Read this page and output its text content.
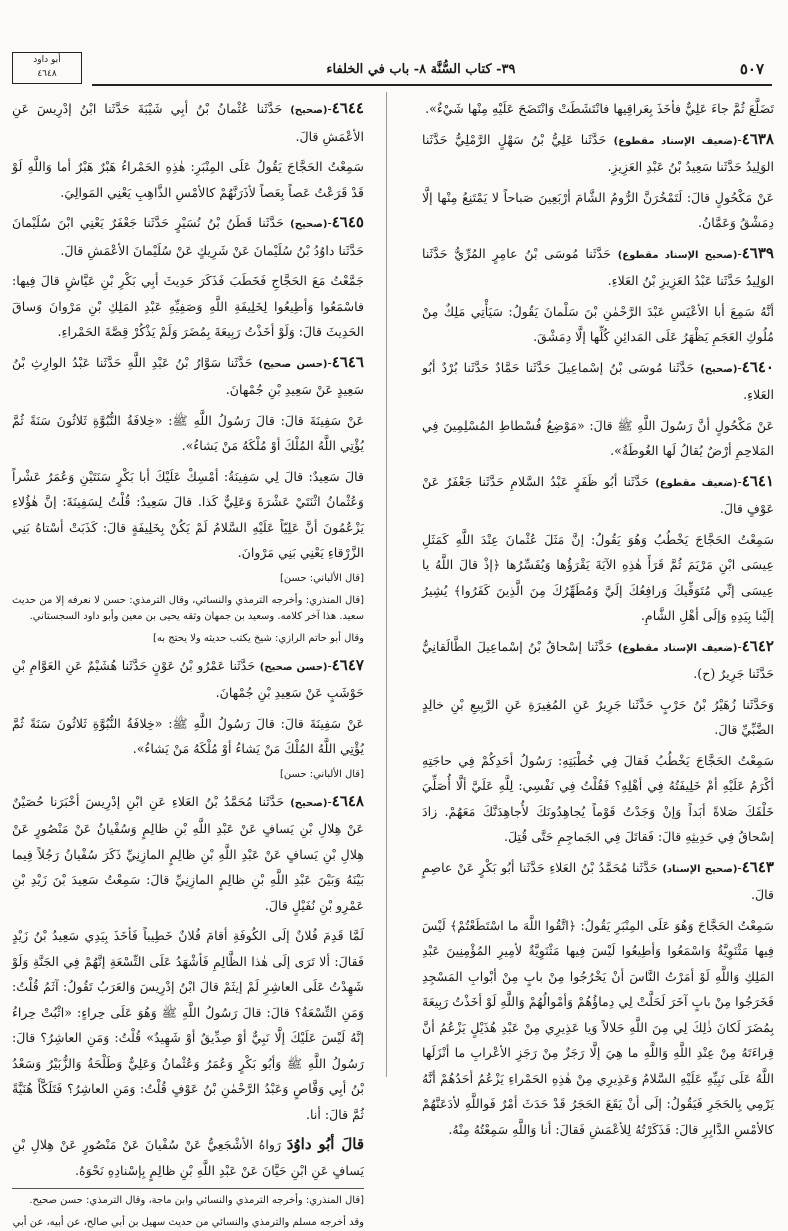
٥٠٧
٣٩- كتاب السُّنَّة ٨- باب في الخلفاء
أبو داود
٤٦٤٨

تَضَلَّعَ ثُمَّ جاءَ عَلِيٌّ فأخَذَ بِعَراقِيها فانْتَشَطَتْ وَانْتَضَحَ عَلَيْهِ مِنْها شَيْءٌ».

٤٦٣٨-(ضعيف الإسناد مقطوع) حَدَّثَنا عَلِيُّ بْنُ سَهْلٍ الرَّمْلِيُّ حَدَّثَنا الوَلِيدُ حَدَّثَنا سَعِيدُ بْنُ عَبْدِ العَزِيزِ.

عَنْ مَكْحُولٍ قالَ: لَتَمْخُرَنَّ الرُّومُ الشَّامَ أرْبَعِينَ صَباحاً لا يَمْتَنِعُ مِنْها إلَّا دِمَشْقُ وَعَمَّانُ.

٤٦٣٩-(صحيح الإسناد مقطوع) حَدَّثَنا مُوسَى بْنُ عامِرٍ المُرِّيُّ حَدَّثَنا الوَلِيدُ حَدَّثَنا عَبْدُ العَزِيزِ بْنُ العَلاءِ.

أنَّهُ سَمِعَ أبا الأعْيَسِ عَبْدَ الرَّحْمٰنِ بْنَ سَلْمانَ يَقُولُ: سَيَأْتِي مَلِكٌ مِنْ مُلُوكِ العَجَمِ يَظْهَرُ عَلَى المَدائِنِ كُلِّها إلَّا دِمَشْقَ.

٤٦٤٠-(صحيح) حَدَّثَنا مُوسَى بْنُ إسْماعِيلَ حَدَّثَنا حَمَّادٌ حَدَّثَنا بُرْدٌ أبُو العَلاءِ.

عَنْ مَكْحُولٍ أنَّ رَسُولَ اللَّهِ ﷺ قالَ: «مَوْضِعُ فُسْطاطِ المُسْلِمِينَ فِي المَلاحِمِ أرْضٌ يُقالُ لَها الغُوطَةُ».

٤٦٤١-(ضعيف مقطوع) حَدَّثَنا أبُو ظَفَرٍ عَبْدُ السَّلامِ حَدَّثَنا جَعْفَرٌ عَنْ عَوْفٍ قالَ.

سَمِعْتُ الحَجَّاجَ يَخْطُبُ وَهُوَ يَقُولُ: إنَّ مَثَلَ عُثْمانَ عِنْدَ اللَّهِ كَمَثَلِ عِيسَى ابْنِ مَرْيَمَ ثُمَّ قَرَأَ هٰذِهِ الآيَةَ يَقْرَؤُها وَيُفَسِّرُها ﴿إذْ قالَ اللَّهُ يا عِيسَى إنِّي مُتَوَفِّيكَ وَرافِعُكَ إلَيَّ وَمُطَهِّرُكَ مِنَ الَّذِينَ كَفَرُوا﴾ يُشِيرُ إلَيْنا بِيَدِهِ وَإلَى أهْلِ الشَّامِ.

٤٦٤٢-(ضعيف الإسناد مقطوع) حَدَّثَنا إسْحاقُ بْنُ إسْماعِيلَ الطَّالَقانِيُّ حَدَّثَنا جَرِيرٌ (ح).

وَحَدَّثَنا زُهَيْرُ بْنُ حَرْبٍ حَدَّثَنا جَرِيرٌ عَنِ المُغِيرَةِ عَنِ الرَّبِيعِ بْنِ خالِدٍ الضَّبِّيِّ قالَ.

سَمِعْتُ الحَجَّاجَ يَخْطُبُ فَقالَ فِي خُطْبَتِهِ: رَسُولُ أحَدِكُمْ فِي حاجَتِهِ أكْرَمُ عَلَيْهِ أمْ خَلِيفَتُهُ فِي أهْلِهِ؟ فَقُلْتُ فِي نَفْسِي: لِلَّهِ عَلَيَّ ألَّا أُصَلِّيَ خَلْفَكَ صَلاةً أبَداً وَإنْ وَجَدْتُ قَوْماً يُجاهِدُونَكَ لأُجاهِدَنَّكَ مَعَهُمْ. زادَ إسْحاقُ فِي حَدِيثِهِ قالَ: فَقاتَلَ فِي الجَماجِمِ حَتَّى قُتِلَ.

٤٦٤٣-(صحيح الإسناد) حَدَّثَنا مُحَمَّدُ بْنُ العَلاءِ حَدَّثَنا أبُو بَكْرٍ عَنْ عاصِمٍ قالَ.

سَمِعْتُ الحَجَّاجَ وَهُوَ عَلَى المِنْبَرِ يَقُولُ: ﴿اتَّقُوا اللَّهَ ما اسْتَطَعْتُمْ﴾ لَيْسَ فِيها مَثْنَوِيَّةٌ وَاسْمَعُوا وَأطِيعُوا لَيْسَ فِيها مَثْنَوِيَّةٌ لأمِيرِ المُؤْمِنِينَ عَبْدِ المَلِكِ وَاللَّهِ لَوْ أمَرْتُ النَّاسَ أنْ يَخْرُجُوا مِنْ بابٍ مِنْ أبْوابِ المَسْجِدِ فَخَرَجُوا مِنْ بابٍ آخَرَ لَحَلَّتْ لِي دِماؤُهُمْ وَأمْوالُهُمْ وَاللَّهِ لَوْ أخَذْتُ رَبِيعَةَ بِمُضَرَ لَكانَ ذٰلِكَ لِي مِنَ اللَّهِ حَلالاً وَيا عَذِيرِي مِنْ عَبْدِ هُذَيْلٍ يَزْعُمُ أنَّ قِراءَتَهُ مِنْ عِنْدِ اللَّهِ وَاللَّهِ ما هِيَ إلَّا رَجَزٌ مِنْ رَجَزِ الأعْرابِ ما أنْزَلَها اللَّهُ عَلَى نَبِيِّهِ عَلَيْهِ السَّلامُ وَعَذِيرِي مِنْ هٰذِهِ الحَمْراءِ يَزْعُمُ أحَدُهُمْ أنَّهُ يَرْمِي بِالحَجَرِ فَيَقُولُ: إلَى أنْ يَقَعَ الحَجَرُ قَدْ حَدَثَ أمْرٌ فَواللَّهِ لأدَعَنَّهُمْ كالأمْسِ الدَّابِرِ قالَ: فَذَكَرْتُهُ لِلأعْمَشِ فَقالَ: أنا وَاللَّهِ سَمِعْتُهُ مِنْهُ.

٤٦٤٤-(صحيح) حَدَّثَنا عُثْمانُ بْنُ أبِي شَيْبَةَ حَدَّثَنا ابْنُ إدْرِيسَ عَنِ الأعْمَشِ قالَ.

سَمِعْتُ الحَجَّاجَ يَقُولُ عَلَى المِنْبَرِ: هٰذِهِ الحَمْراءُ هَبْرٌ هَبْرٌ أما وَاللَّهِ لَوْ قَدْ قَرَعْتُ عَصاً بِعَصاً لأذَرَنَّهُمْ كالأمْسِ الذَّاهِبِ يَعْنِي المَوالِيَ.

٤٦٤٥-(صحيح) حَدَّثَنا قَطَنُ بْنُ نُسَيْرٍ حَدَّثَنا جَعْفَرٌ يَعْنِي ابْنَ سُلَيْمانَ حَدَّثَنا داوُدُ بْنُ سُلَيْمانَ عَنْ شَرِيكٍ عَنْ سُلَيْمانَ الأعْمَشِ قالَ.

جَمَّعْتُ مَعَ الحَجَّاجِ فَخَطَبَ فَذَكَرَ حَدِيثَ أبِي بَكْرِ بْنِ عَيَّاشٍ قالَ فِيها: فاسْمَعُوا وَأطِيعُوا لِخَلِيفَةِ اللَّهِ وَصَفِيِّهِ عَبْدِ المَلِكِ بْنِ مَرْوانَ وَساقَ الحَدِيثَ قالَ: وَلَوْ أخَذْتُ رَبِيعَةَ بِمُضَرَ وَلَمْ يَذْكُرْ قِصَّةَ الحَمْراءِ.

٤٦٤٦-(حسن صحيح) حَدَّثَنا سَوَّارُ بْنُ عَبْدِ اللَّهِ حَدَّثَنا عَبْدُ الوارِثِ بْنُ سَعِيدٍ عَنْ سَعِيدِ بْنِ جُمْهانَ.

عَنْ سَفِينَةَ قالَ: قالَ رَسُولُ اللَّهِ ﷺ: «خِلافَةُ النُّبُوَّةِ ثَلاثُونَ سَنَةً ثُمَّ يُؤْتِي اللَّهُ المُلْكَ أوْ مُلْكَهُ مَنْ يَشاءُ».

قالَ سَعِيدٌ: قالَ لِي سَفِينَةُ: أمْسِكْ عَلَيْكَ أبا بَكْرٍ سَنَتَيْنِ وَعُمَرُ عَشْراً وَعُثْمانُ اثْنَتَيْ عَشْرَةَ وَعَلِيٌّ كَذا. قالَ سَعِيدٌ: قُلْتُ لِسَفِينَةَ: إنَّ هٰؤُلاءِ يَزْعُمُونَ أنَّ عَلِيّاً عَلَيْهِ السَّلامُ لَمْ يَكُنْ بِخَلِيفَةٍ قالَ: كَذَبَتْ أسْتاهُ بَنِي الزَّرْقاءِ يَعْنِي بَنِي مَرْوانَ.

[قال الألباني: حسن]

[قال المنذري: وأخرجه الترمذي والنسائي، وقال الترمذي: حسن لا نعرفه إلا من حديث سعيد. هذا آخر كلامه. وسعيد بن جمهان وثقه يحيى بن معين وأبو داود السجستاني.

وقال أبو حاتم الرازي: شيخ يكتب حديثه ولا يحتج به]

٤٦٤٧-(حسن صحيح) حَدَّثَنا عَمْرُو بْنُ عَوْنٍ حَدَّثَنا هُشَيْمٌ عَنِ العَوَّامِ بْنِ حَوْشَبٍ عَنْ سَعِيدِ بْنِ جُمْهانَ.

عَنْ سَفِينَةَ قالَ: قالَ رَسُولُ اللَّهِ ﷺ: «خِلافَةُ النُّبُوَّةِ ثَلاثُونَ سَنَةً ثُمَّ يُؤْتِي اللَّهُ المُلْكَ مَنْ يَشاءُ أوْ مُلْكَهُ مَنْ يَشاءُ».

[قال الألباني: حسن]

٤٦٤٨-(صحيح) حَدَّثَنا مُحَمَّدُ بْنُ العَلاءِ عَنِ ابْنِ إدْرِيسَ أخْبَرَنا حُصَيْنٌ عَنْ هِلالِ بْنِ يَسافٍ عَنْ عَبْدِ اللَّهِ بْنِ ظالِمٍ وَسُفْيانُ عَنْ مَنْصُورٍ عَنْ هِلالِ بْنِ يَسافٍ عَنْ عَبْدِ اللَّهِ بْنِ ظالِمٍ المازِنِيِّ ذَكَرَ سُفْيانُ رَجُلاً فِيما بَيْنَهُ وَبَيْنَ عَبْدِ اللَّهِ بْنِ ظالِمٍ المازِنِيِّ قالَ: سَمِعْتُ سَعِيدَ بْنَ زَيْدِ بْنِ عَمْرِو بْنِ نُفَيْلٍ قالَ.

لَمَّا قَدِمَ فُلانٌ إلَى الكُوفَةِ أقامَ فُلانٌ خَطِيباً فَأخَذَ بِيَدِي سَعِيدُ بْنُ زَيْدٍ فَقالَ: ألا تَرَى إلَى هٰذا الظَّالِمِ فَأشْهَدُ عَلَى التِّسْعَةِ إنَّهُمْ فِي الجَنَّةِ وَلَوْ شَهِدْتُ عَلَى العاشِرِ لَمْ إيثَمْ قالَ ابْنُ إدْرِيسَ وَالعَرَبُ تَقُولُ: آثَمُ قُلْتُ: وَمَنِ التِّسْعَةُ؟ قالَ: قالَ رَسُولُ اللَّهِ ﷺ وَهُوَ عَلَى حِراءٍ: «اثْبُتْ حِراءُ إنَّهُ لَيْسَ عَلَيْكَ إلَّا نَبِيٌّ أوْ صِدِّيقٌ أوْ شَهِيدٌ» قُلْتُ: وَمَنِ العاشِرُ؟ قالَ: رَسُولُ اللَّهِ ﷺ وَأبُو بَكْرٍ وَعُمَرُ وَعُثْمانُ وَعَلِيٌّ وَطَلْحَةُ وَالزُّبَيْرُ وَسَعْدُ بْنُ أبِي وَقَّاصٍ وَعَبْدُ الرَّحْمٰنِ بْنُ عَوْفٍ قُلْتُ: وَمَنِ العاشِرُ؟ فَتَلَكَّأَ هُنَيَّةً ثُمَّ قالَ: أنا.

قالَ أبُو داوُدَ رَواهُ الأشْجَعِيُّ عَنْ سُفْيانَ عَنْ مَنْصُورٍ عَنْ هِلالِ بْنِ يَسافٍ عَنِ ابْنِ حَيَّانَ عَنْ عَبْدِ اللَّهِ بْنِ ظالِمٍ بِإسْنادِهِ نَحْوَهُ.

[قال المنذري: وأخرجه الترمذي والنسائي وابن ماجة، وقال الترمذي: حسن صحيح.

وقد أخرجه مسلم والترمذي والنسائي من حديث سهيل بن أبي صالح، عن أبيه، عن أبي
